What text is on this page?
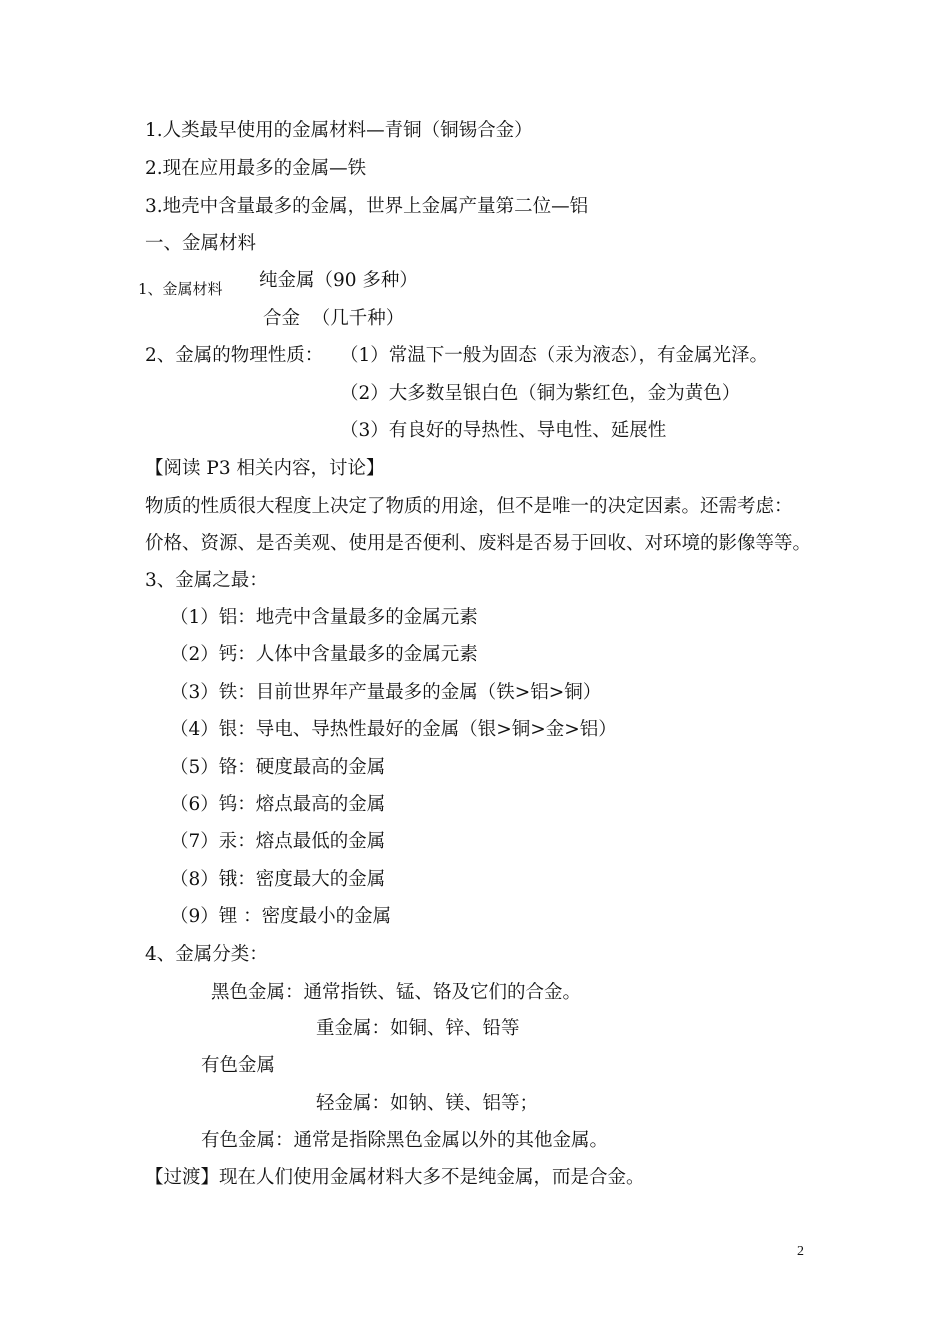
1.人类最早使用的金属材料—青铜（铜锡合金）
2.现在应用最多的金属—铁
3.地壳中含量最多的金属，世界上金属产量第二位—铝
一、金属材料
1、金属材料 纯金属（90 多种）
合金  （几千种）
2、金属的物理性质： （1）常温下一般为固态（汞为液态），有金属光泽。
（2）大多数呈银白色（铜为紫红色，金为黄色）
（3）有良好的导热性、导电性、延展性
【阅读 P3 相关内容，讨论】
物质的性质很大程度上决定了物质的用途，但不是唯一的决定因素。还需考虑：
价格、资源、是否美观、使用是否便利、废料是否易于回收、对环境的影像等等。
3、金属之最：
（1）铝：地壳中含量最多的金属元素
（2）钙：人体中含量最多的金属元素
（3）铁：目前世界年产量最多的金属（铁>铝>铜）
（4）银：导电、导热性最好的金属（银>铜>金>铝）
（5）铬：硬度最高的金属
（6）钨：熔点最高的金属
（7）汞：熔点最低的金属
（8）锇：密度最大的金属
（9）锂 ：密度最小的金属
4、金属分类：
黑色金属：通常指铁、锰、铬及它们的合金。
重金属：如铜、锌、铅等
有色金属
轻金属：如钠、镁、铝等；
有色金属：通常是指除黑色金属以外的其他金属。
【过渡】现在人们使用金属材料大多不是纯金属，而是合金。
2
